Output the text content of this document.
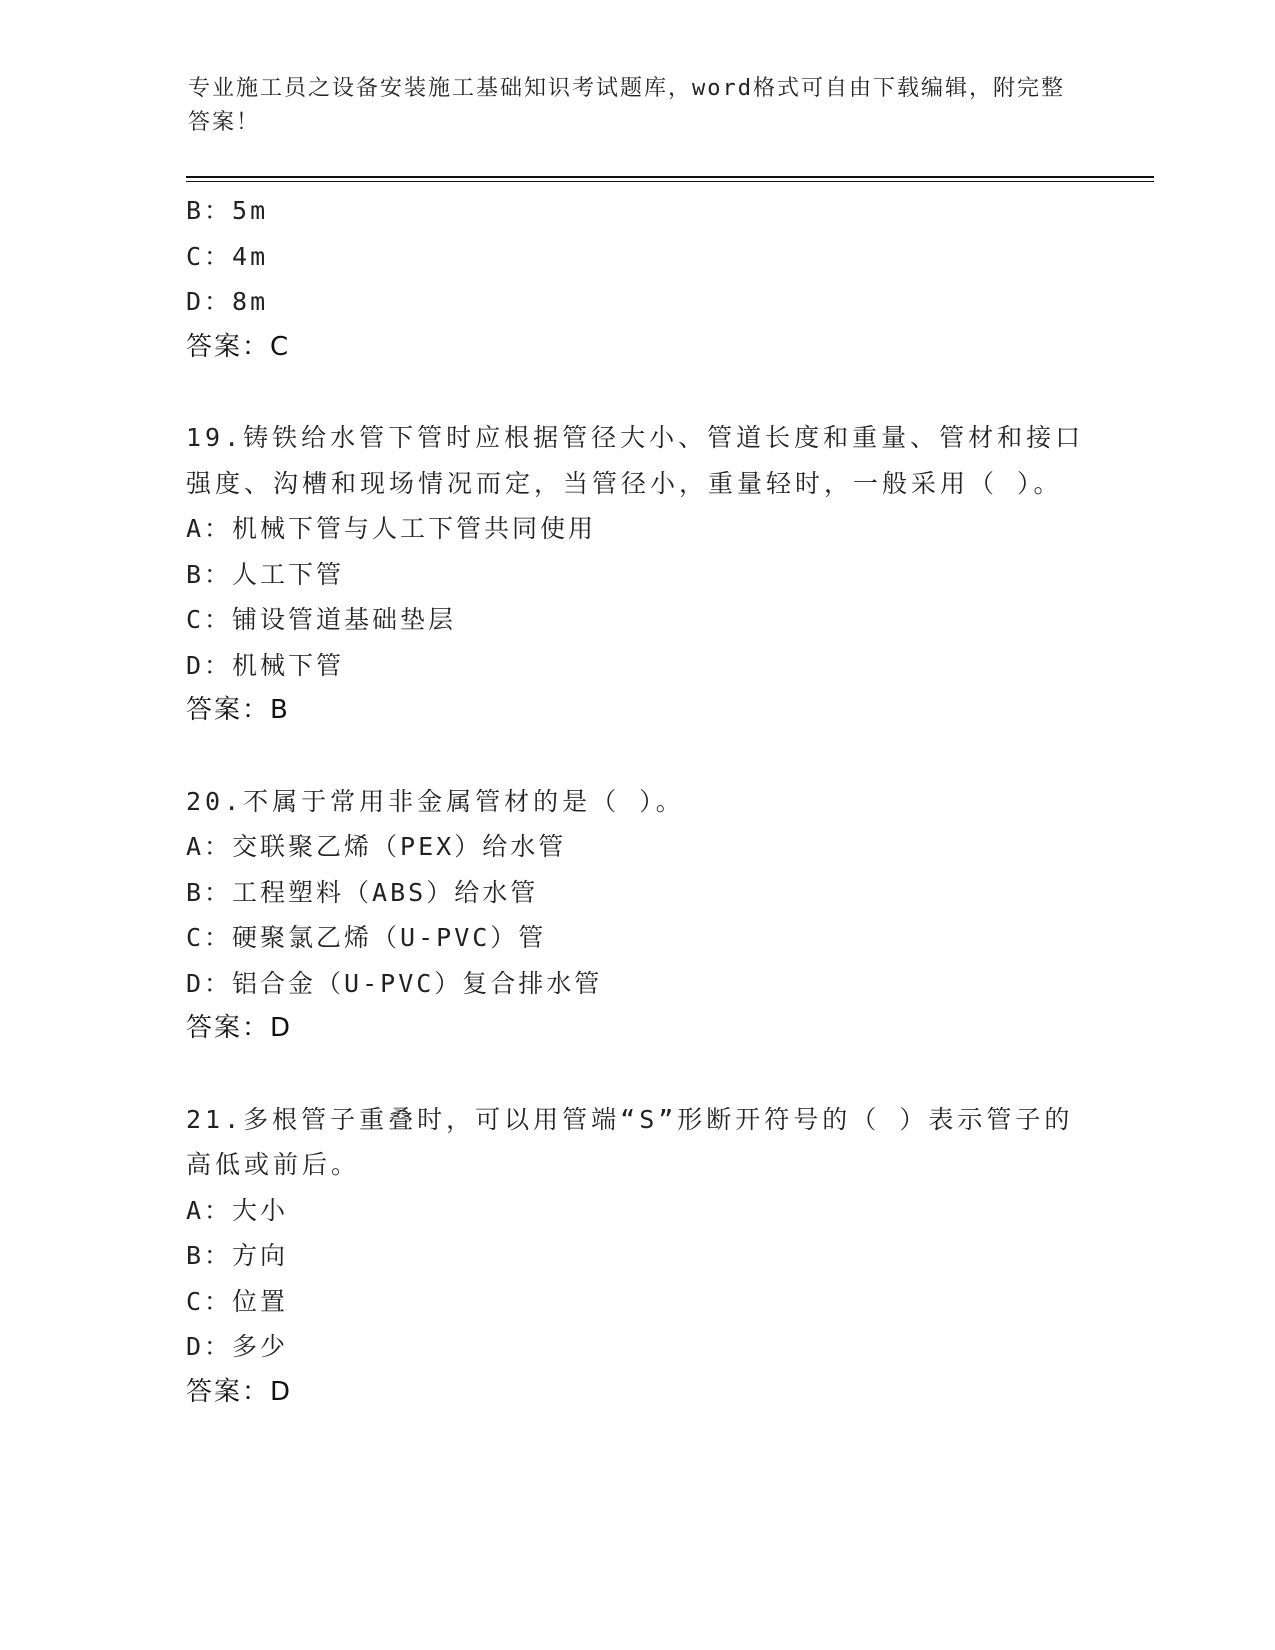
专业施工员之设备安装施工基础知识考试题库，word格式可自由下载编辑，附完整答案！
B：5m
C：4m
D：8m
答案：C
19.铸铁给水管下管时应根据管径大小、管道长度和重量、管材和接口强度、沟槽和现场情况而定，当管径小，重量轻时，一般采用（ ）。
A：机械下管与人工下管共同使用
B：人工下管
C：铺设管道基础垫层
D：机械下管
答案：B
20.不属于常用非金属管材的是（ ）。
A：交联聚乙烯（PEX）给水管
B：工程塑料（ABS）给水管
C：硬聚氯乙烯（U-PVC）管
D：铝合金（U-PVC）复合排水管
答案：D
21.多根管子重叠时，可以用管端“S”形断开符号的（ ）表示管子的高低或前后。
A：大小
B：方向
C：位置
D：多少
答案：D
